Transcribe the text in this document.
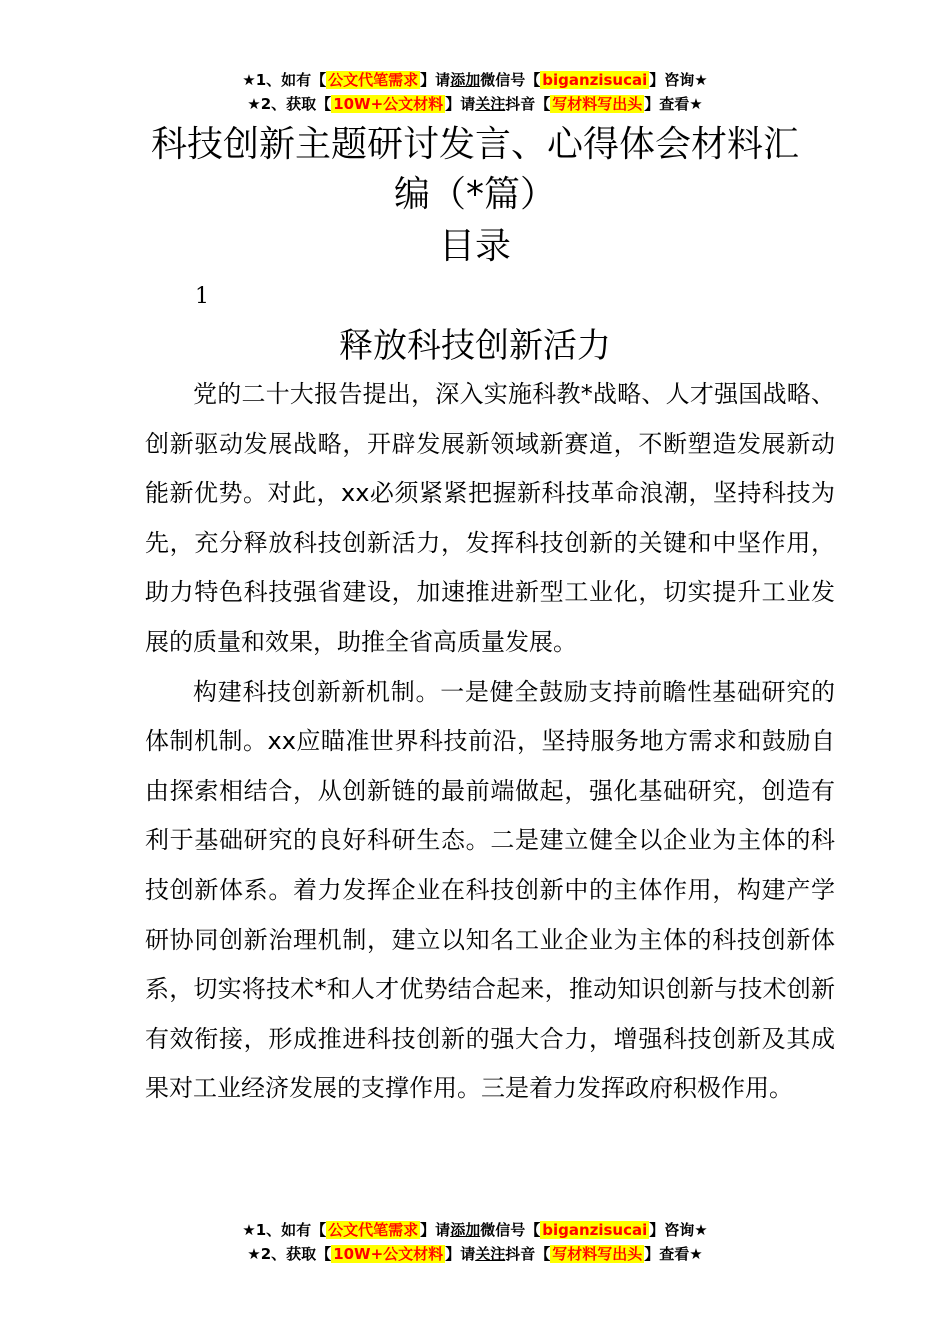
★1、如有【 公文代笔需求 】请添加微信号【 biganzisucai 】咨询★
★2、获取【 10W+公文材料 】请关注抖音【 写材料写出头 】查看★
科技创新主题研讨发言、心得体会材料汇编（*篇）
目录
1
释放科技创新活力

党的二十大报告提出，深入实施科教*战略、人才强国战略、创新驱动发展战略，开辟发展新领域新赛道，不断塑造发展新动能新优势。对此，xx必须紧紧把握新科技革命浪潮，坚持科技为先，充分释放科技创新活力，发挥科技创新的关键和中坚作用，助力特色科技强省建设，加速推进新型工业化，切实提升工业发展的质量和效果，助推全省高质量发展。

构建科技创新新机制。一是健全鼓励支持前瞻性基础研究的体制机制。xx应瞄准世界科技前沿，坚持服务地方需求和鼓励自由探索相结合，从创新链的最前端做起，强化基础研究，创造有利于基础研究的良好科研生态。二是建立健全以企业为主体的科技创新体系。着力发挥企业在科技创新中的主体作用，构建产学研协同创新治理机制，建立以知名工业企业为主体的科技创新体系，切实将技术*和人才优势结合起来，推动知识创新与技术创新有效衔接，形成推进科技创新的强大合力，增强科技创新及其成果对工业经济发展的支撑作用。三是着力发挥政府积极作用。

★1、如有【 公文代笔需求 】请添加微信号【 biganzisucai 】咨询★
★2、获取【 10W+公文材料 】请关注抖音【 写材料写出头 】查看★
